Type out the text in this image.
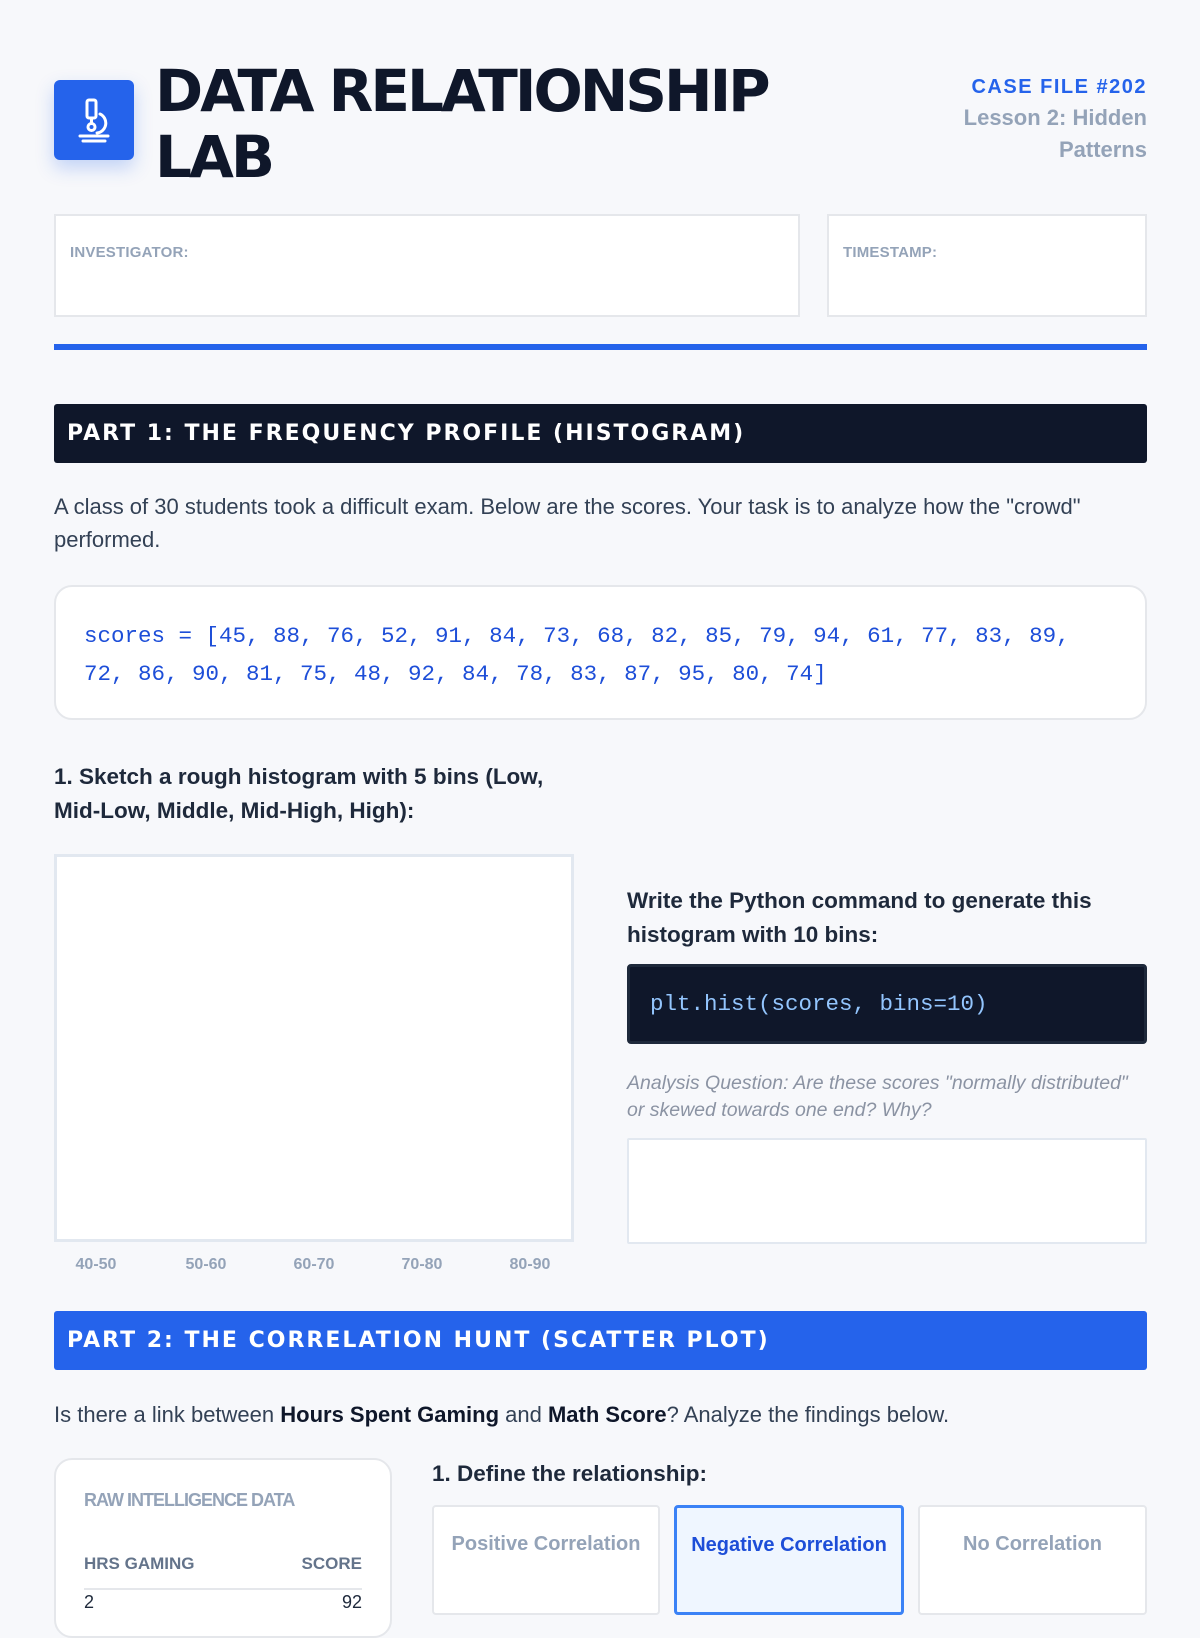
DATA RELATIONSHIP LAB
CASE FILE #202
Lesson 2: Hidden Patterns
INVESTIGATOR:	TIMESTAMP:
PART 1: THE FREQUENCY PROFILE (HISTOGRAM)

A class of 30 students took a difficult exam. Below are the scores. Your task is to analyze how the "crowd" performed.

scores = [45, 88, 76, 52, 91, 84, 73, 68, 82, 85, 79, 94, 61, 77, 83, 89, 72, 86, 90, 81, 75, 48, 92, 84, 78, 83, 87, 95, 80, 74]
1. Sketch a rough histogram with 5 bins (Low, Mid-Low, Middle, Mid-High, High):
40-50	50-60	60-70	70-80	80-90
Write the Python command to generate this histogram with 10 bins:
plt.hist(scores, bins=10)
Analysis Question: Are these scores "normally distributed" or skewed towards one end? Why?
PART 2: THE CORRELATION HUNT (SCATTER PLOT)

Is there a link between Hours Spent Gaming and Math Score? Analyze the findings below.

RAW INTELLIGENCE DATA
HRS GAMING	SCORE
2	92
1. Define the relationship:
Positive Correlation	Negative Correlation	No Correlation
